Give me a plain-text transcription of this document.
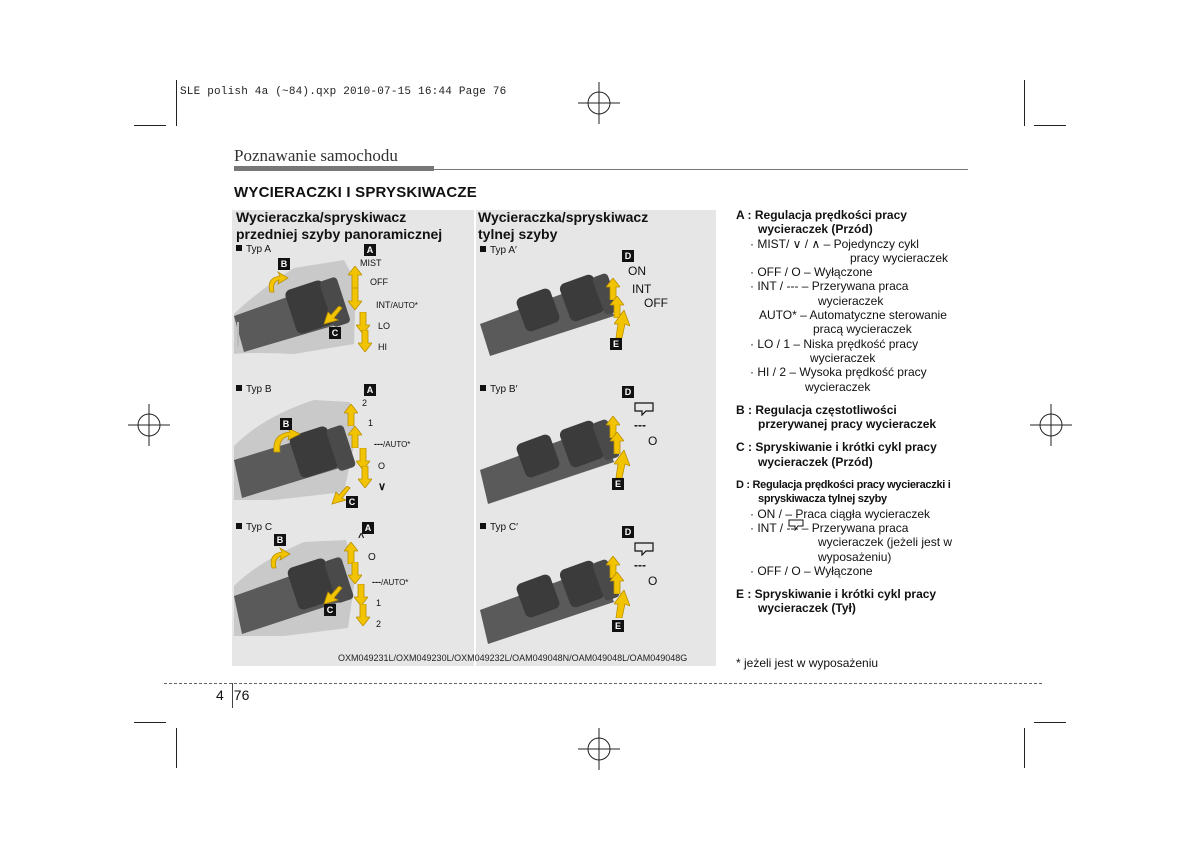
SLE polish 4a (~84).qxp 2010-07-15 16:44 Page 76
Poznawanie samochodu
WYCIERACZKI I SPRYSKIWACZE
Wycieraczka/spryskiwacz
przedniej szyby panoramicznej
Typ A	A
B
C
MIST
OFF
INT/AUTO*
LO
HI
Typ B	A
B
C
2
1
---/AUTO*
O
∨
Typ C	A
B
C
^
O
---/AUTO*
1
2
Wycieraczka/spryskiwacz
tylnej szyby
Typ A′	D
E
ON
INT
OFF
Typ B′	D
E
---
O
Typ C′	D
E
---
O
OXM049231L/OXM049230L/OXM049232L/OAM049048N/OAM049048L/OAM049048G
A : Regulacja prędkości pracy
wycieraczek (Przód)
· MIST/ ∨ / ∧ – Pojedynczy cykl
pracy wycieraczek
· OFF / O – Wyłączone
· INT / --- – Przerywana praca
wycieraczek
AUTO* – Automatyczne sterowanie
pracą wycieraczek
· LO / 1 – Niska prędkość pracy
wycieraczek
· HI / 2 – Wysoka prędkość pracy
wycieraczek
B : Regulacja częstotliwości
przerywanej pracy wycieraczek
C : Spryskiwanie i krótki cykl pracy
wycieraczek (Przód)
D : Regulacja prędkości pracy wycieraczki i
spryskiwacza tylnej szyby
· ON / – Praca ciągła wycieraczek
· INT / --- – Przerywana praca
wycieraczek (jeżeli jest w
wyposażeniu)
· OFF / O – Wyłączone
E : Spryskiwanie i krótki cykl pracy
wycieraczek (Tył)
* jeżeli jest w wyposażeniu
4 76
